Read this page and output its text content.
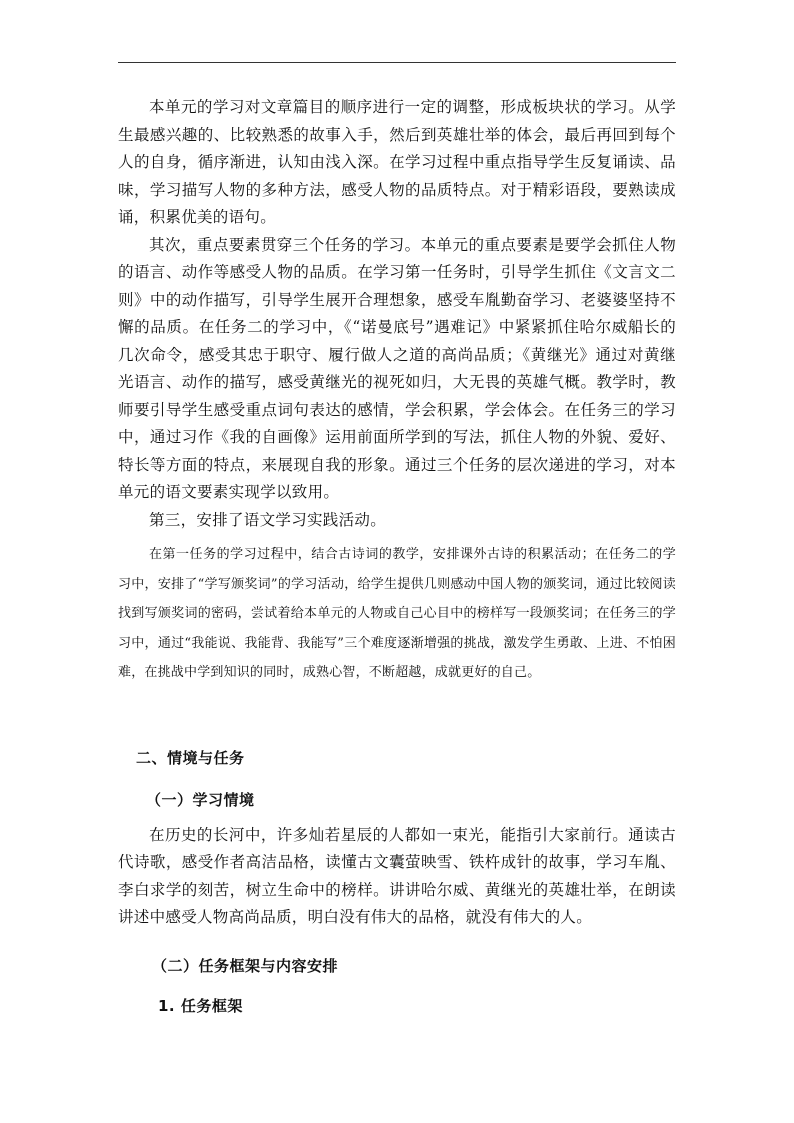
本单元的学习对文章篇目的顺序进行一定的调整，形成板块状的学习。从学生最感兴趣的、比较熟悉的故事入手，然后到英雄壮举的体会，最后再回到每个人的自身，循序渐进，认知由浅入深。在学习过程中重点指导学生反复诵读、品味，学习描写人物的多种方法，感受人物的品质特点。对于精彩语段，要熟读成诵，积累优美的语句。

其次，重点要素贯穿三个任务的学习。本单元的重点要素是要学会抓住人物的语言、动作等感受人物的品质。在学习第一任务时，引导学生抓住《文言文二则》中的动作描写，引导学生展开合理想象，感受车胤勤奋学习、老婆婆坚持不懈的品质。在任务二的学习中，《“诺曼底号”遇难记》中紧紧抓住哈尔威船长的几次命令，感受其忠于职守、履行做人之道的高尚品质；《黄继光》通过对黄继光语言、动作的描写，感受黄继光的视死如归，大无畏的英雄气概。教学时，教师要引导学生感受重点词句表达的感情，学会积累，学会体会。在任务三的学习中，通过习作《我的自画像》运用前面所学到的写法，抓住人物的外貌、爱好、特长等方面的特点，来展现自我的形象。通过三个任务的层次递进的学习，对本单元的语文要素实现学以致用。

第三，安排了语文学习实践活动。

在第一任务的学习过程中，结合古诗词的教学，安排课外古诗的积累活动；在任务二的学习中，安排了“学写颁奖词”的学习活动，给学生提供几则感动中国人物的颁奖词，通过比较阅读找到写颁奖词的密码，尝试着给本单元的人物或自己心目中的榜样写一段颁奖词；在任务三的学习中，通过“我能说、我能背、我能写”三个难度逐渐增强的挑战，激发学生勇敢、上进、不怕困难，在挑战中学到知识的同时，成熟心智，不断超越，成就更好的自己。

二、情境与任务
（一）学习情境

在历史的长河中，许多灿若星辰的人都如一束光，能指引大家前行。通读古代诗歌，感受作者高洁品格，读懂古文囊萤映雪、铁杵成针的故事，学习车胤、李白求学的刻苦，树立生命中的榜样。讲讲哈尔威、黄继光的英雄壮举，在朗读讲述中感受人物高尚品质，明白没有伟大的品格，就没有伟大的人。

（二）任务框架与内容安排
1. 任务框架
